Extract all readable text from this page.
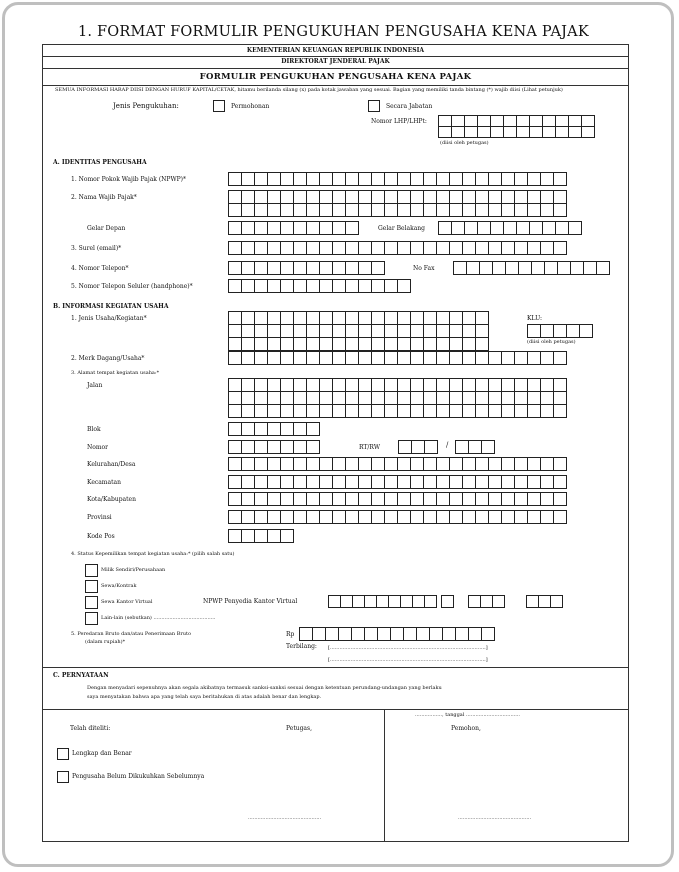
1. FORMAT FORMULIR PENGUKUHAN PENGUSAHA KENA PAJAK
KEMENTERIAN KEUANGAN REPUBLIK INDONESIA
DIREKTORAT JENDERAL PAJAK
FORMULIR PENGUKUHAN PENGUSAHA KENA PAJAK
SEMUA INFORMASI HARAP DIISI DENGAN HURUF KAPITAL/CETAK, hitamu berilanda silang (x) pada kotak jawaban yang sesuai. Bagian yang memiliki tanda bintang (*) wajib diisi (Lihat petunjuk)
Jenis Pengukuhan:	Permohonan	Secara Jabatan
Nomor LHP/LHPt:
(diisi oleh petugas)
A. IDENTITAS PENGUSAHA
1. Nomor Pokok Wajib Pajak (NPWP)*
2. Nama Wajib Pajak*
Gelar Depan	Gelar Belakang
3. Surel (email)*
4. Nomor Telepon*	No Fax
5. Nomor Telepon Seluler (handphone)*
B. INFORMASI KEGIATAN USAHA
1. Jenis Usaha/Kegiatan*	KLU:
(diisi oleh petugas)
2. Merk Dagang/Usaha*
3. Alamat tempat kegiatan usaha:*
Jalan
Blok
Nomor	RT/RW	/
Kelurahan/Desa
Kecamatan
Kota/Kabupaten
Provinsi
Kode Pos
4. Status Kepemilikan tempat kegiatan usaha:* (pilih salah satu)
Milik Sendiri/Perusahaan
Sewa/Kontrak
Sewa Kantor Virtual	NPWP Penyedia Kantor Virtual
Lain-lain (sebutkan) .......................................
5. Peredaran Bruto dan/atau Penerimaan Bruto
(dalam rupiah)*
Rp
Terbilang: [..................................................................................................]
[..................................................................................................]
C. PERNYATAAN
Dengan menyadari sepenuhnya akan segala akibatnya termasuk sanksi-sanksi sesuai dengan ketentuan perundang-undangan yang berlaku
saya menyatakan bahwa apa yang telah saya beritahukan di atas adalah benar dan lengkap.
................., tanggal ..................................
Telah diteliti:	Petugas,	Pemohon,
Lengkap dan Benar
Pengusaha Belum Dikukuhkan Sebelumnya
..............................................	..............................................
